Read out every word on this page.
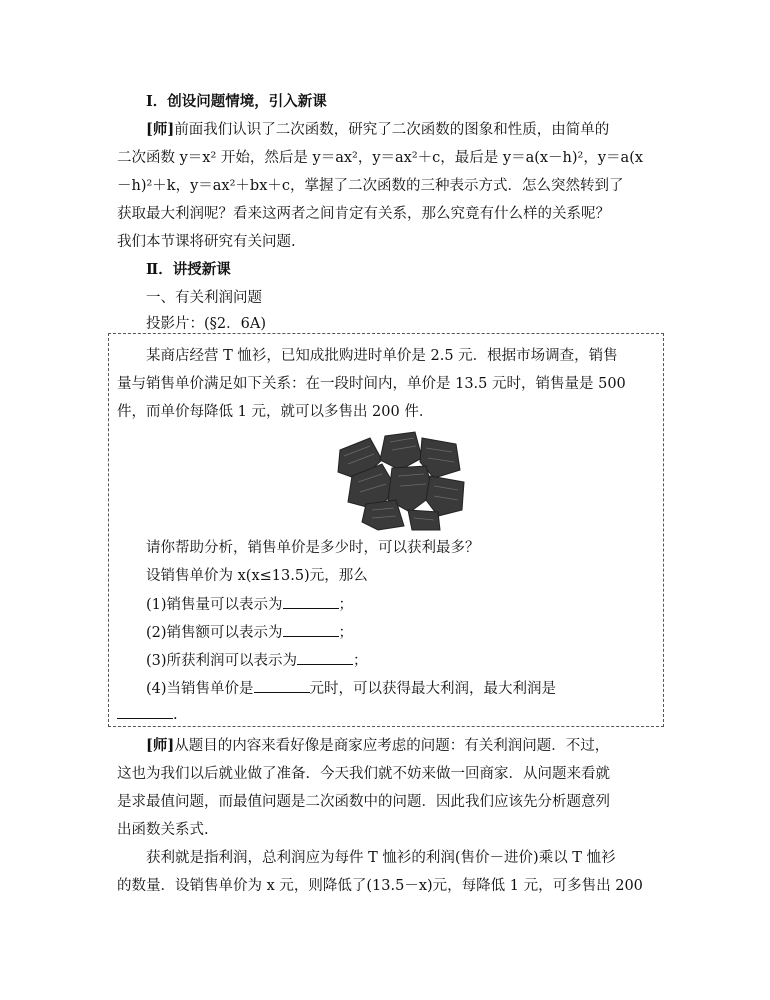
Ⅰ．创设问题情境，引入新课
[师]前面我们认识了二次函数，研究了二次函数的图象和性质，由简单的
二次函数 y＝x² 开始，然后是 y＝ax²，y＝ax²＋c，最后是 y＝a(x－h)²，y＝a(x
－h)²＋k，y＝ax²＋bx＋c，掌握了二次函数的三种表示方式．怎么突然转到了
获取最大利润呢？看来这两者之间肯定有关系，那么究竟有什么样的关系呢？
我们本节课将研究有关问题.
Ⅱ．讲授新课
一、有关利润问题
投影片：(§2．6A)
某商店经营 T 恤衫，已知成批购进时单价是 2.5 元．根据市场调查，销售
量与销售单价满足如下关系：在一段时间内，单价是 13.5 元时，销售量是 500
件，而单价每降低 1 元，就可以多售出 200 件．
请你帮助分析，销售单价是多少时，可以获利最多？
设销售单价为 x(x≤13.5)元，那么
(1)销售量可以表示为	；
(2)销售额可以表示为	；
(3)所获利润可以表示为	；
(4)当销售单价是	元时，可以获得最大利润，最大利润是
.
[师]从题目的内容来看好像是商家应考虑的问题：有关利润问题．不过，
这也为我们以后就业做了准备．今天我们就不妨来做一回商家．从问题来看就
是求最值问题，而最值问题是二次函数中的问题．因此我们应该先分析题意列
出函数关系式.
获利就是指利润，总利润应为每件 T 恤衫的利润(售价－进价)乘以 T 恤衫
的数量．设销售单价为 x 元，则降低了(13.5－x)元，每降低 1 元，可多售出 200
